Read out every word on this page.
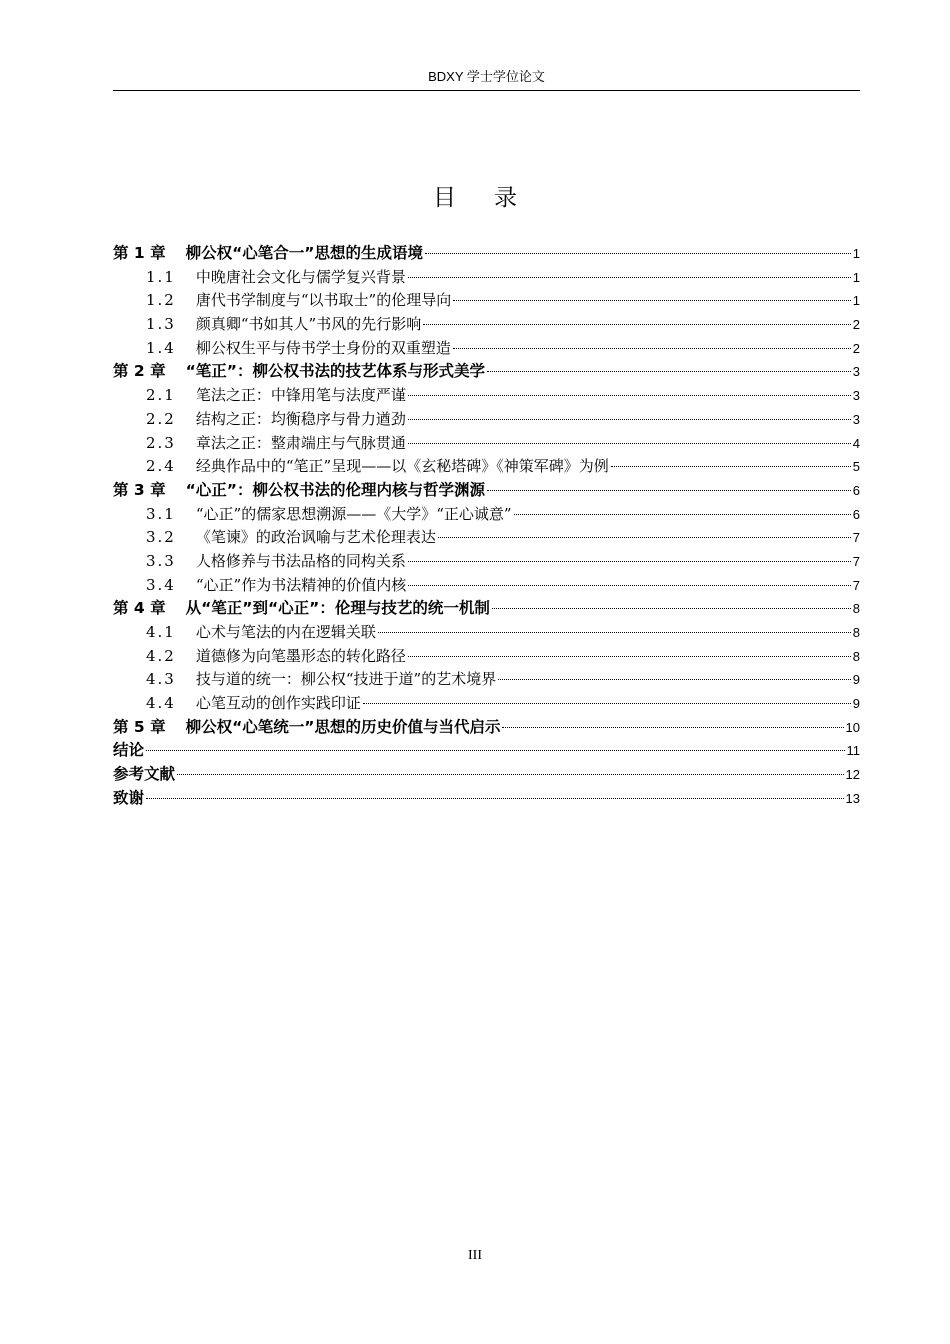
BDXY 学士学位论文
目录
第 1 章	柳公权“心笔合一”思想的生成语境	1
1.1	中晚唐社会文化与儒学复兴背景	1
1.2	唐代书学制度与“以书取士”的伦理导向	1
1.3	颜真卿“书如其人”书风的先行影响	2
1.4	柳公权生平与侍书学士身份的双重塑造	2
第 2 章	“笔正”：柳公权书法的技艺体系与形式美学	3
2.1	笔法之正：中锋用笔与法度严谨	3
2.2	结构之正：均衡稳序与骨力遒劲	3
2.3	章法之正：整肃端庄与气脉贯通	4
2.4	经典作品中的“笔正”呈现——以《玄秘塔碑》《神策军碑》为例	5
第 3 章	“心正”：柳公权书法的伦理内核与哲学渊源	6
3.1	“心正”的儒家思想溯源——《大学》“正心诚意”	6
3.2	《笔谏》的政治讽喻与艺术伦理表达	7
3.3	人格修养与书法品格的同构关系	7
3.4	“心正”作为书法精神的价值内核	7
第 4 章	从“笔正”到“心正”：伦理与技艺的统一机制	8
4.1	心术与笔法的内在逻辑关联	8
4.2	道德修为向笔墨形态的转化路径	8
4.3	技与道的统一：柳公权“技进于道”的艺术境界	9
4.4	心笔互动的创作实践印证	9
第 5 章	柳公权“心笔统一”思想的历史价值与当代启示	10
结论	11
参考文献	12
致谢	13
III
